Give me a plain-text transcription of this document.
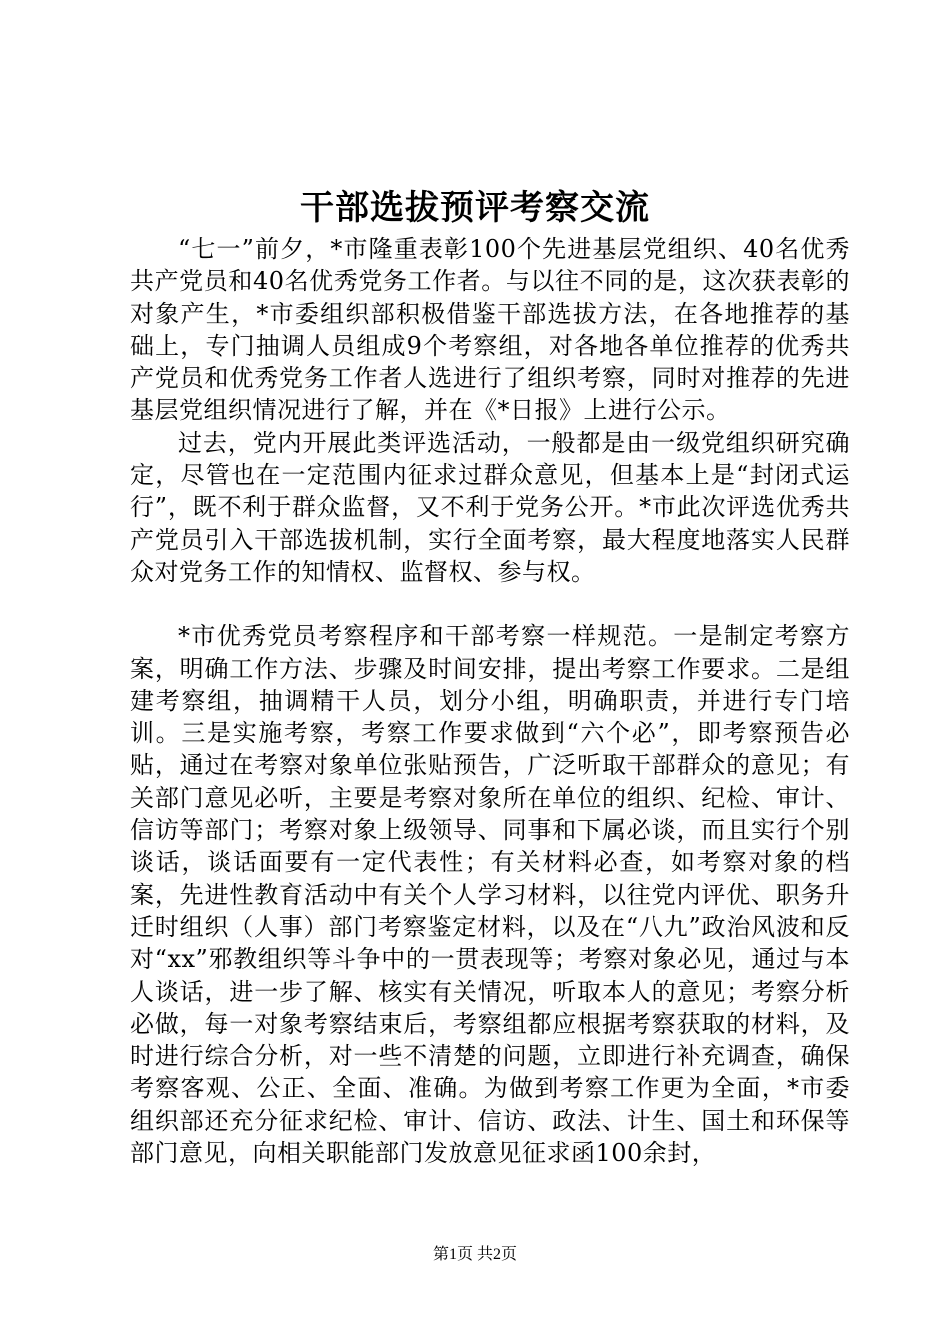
干部选拔预评考察交流

“七一”前夕，*市隆重表彰100个先进基层党组织、40名优秀共产党员和40名优秀党务工作者。与以往不同的是，这次获表彰的对象产生，*市委组织部积极借鉴干部选拔方法，在各地推荐的基础上，专门抽调人员组成9个考察组，对各地各单位推荐的优秀共产党员和优秀党务工作者人选进行了组织考察，同时对推荐的先进基层党组织情况进行了解，并在《*日报》上进行公示。

过去，党内开展此类评选活动，一般都是由一级党组织研究确定，尽管也在一定范围内征求过群众意见，但基本上是“封闭式运行”，既不利于群众监督，又不利于党务公开。*市此次评选优秀共产党员引入干部选拔机制，实行全面考察，最大程度地落实人民群众对党务工作的知情权、监督权、参与权。

*市优秀党员考察程序和干部考察一样规范。一是制定考察方案，明确工作方法、步骤及时间安排，提出考察工作要求。二是组建考察组，抽调精干人员，划分小组，明确职责，并进行专门培训。三是实施考察，考察工作要求做到“六个必”，即考察预告必贴，通过在考察对象单位张贴预告，广泛听取干部群众的意见；有关部门意见必听，主要是考察对象所在单位的组织、纪检、审计、信访等部门；考察对象上级领导、同事和下属必谈，而且实行个别谈话，谈话面要有一定代表性；有关材料必查，如考察对象的档案，先进性教育活动中有关个人学习材料，以往党内评优、职务升迁时组织（人事）部门考察鉴定材料，以及在“八九”政治风波和反对“xx”邪教组织等斗争中的一贯表现等；考察对象必见，通过与本人谈话，进一步了解、核实有关情况，听取本人的意见；考察分析必做，每一对象考察结束后，考察组都应根据考察获取的材料，及时进行综合分析，对一些不清楚的问题，立即进行补充调查，确保考察客观、公正、全面、准确。为做到考察工作更为全面，*市委组织部还充分征求纪检、审计、信访、政法、计生、国土和环保等部门意见，向相关职能部门发放意见征求函100余封，

第1页 共2页
